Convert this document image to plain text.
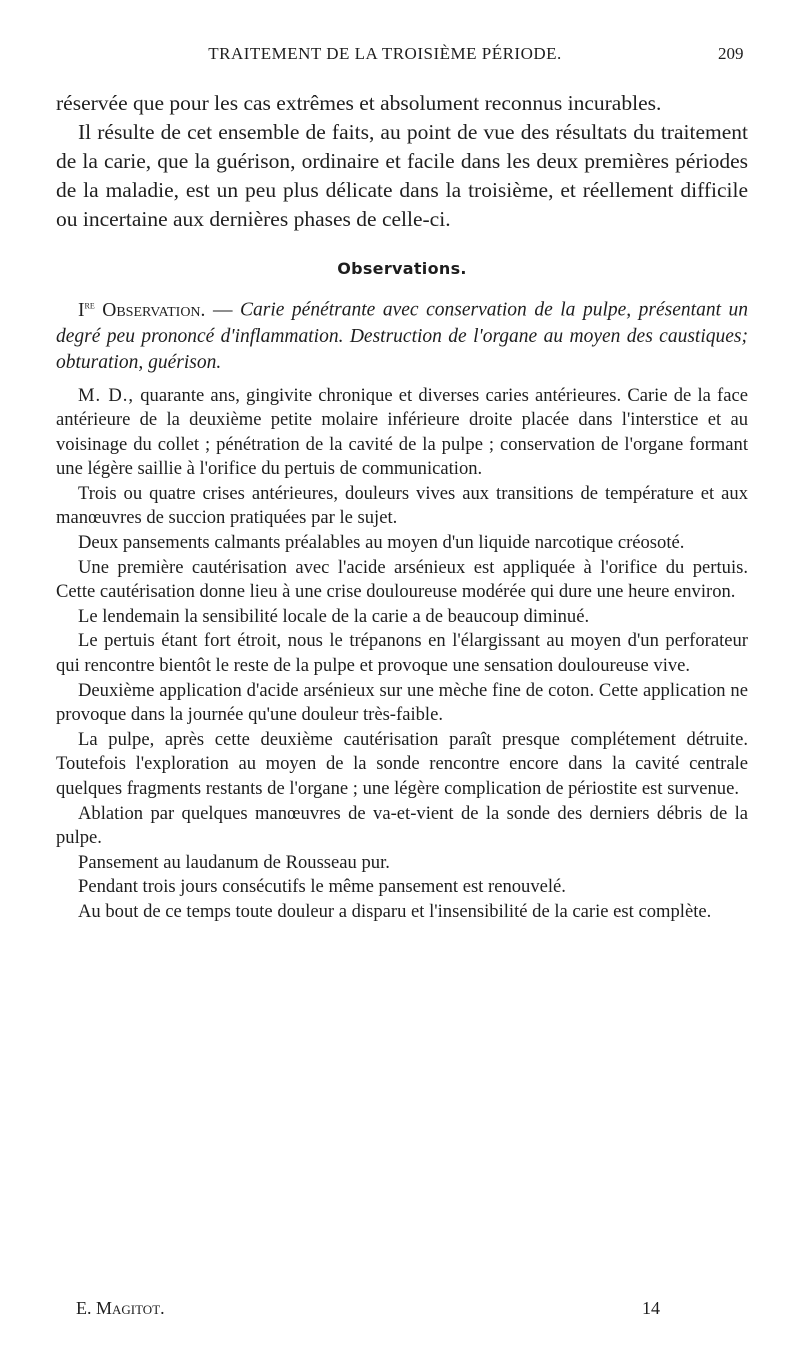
TRAITEMENT DE LA TROISIÈME PÉRIODE.	209

réservée que pour les cas extrêmes et absolument reconnus incurables.

Il résulte de cet ensemble de faits, au point de vue des résultats du traitement de la carie, que la guérison, ordinaire et facile dans les deux premières périodes de la maladie, est un peu plus délicate dans la troisième, et réellement difficile ou incertaine aux dernières phases de celle-ci.

Observations.

Ire Observation. — Carie pénétrante avec conservation de la pulpe, présentant un degré peu prononcé d'inflammation. Destruction de l'organe au moyen des caustiques; obturation, guérison.

M. D., quarante ans, gingivite chronique et diverses caries antérieures. Carie de la face antérieure de la deuxième petite molaire inférieure droite placée dans l'interstice et au voisinage du collet ; pénétration de la cavité de la pulpe ; conservation de l'organe formant une légère saillie à l'orifice du pertuis de communication.

Trois ou quatre crises antérieures, douleurs vives aux transitions de température et aux manœuvres de succion pratiquées par le sujet.

Deux pansements calmants préalables au moyen d'un liquide narcotique créosoté.

Une première cautérisation avec l'acide arsénieux est appliquée à l'orifice du pertuis. Cette cautérisation donne lieu à une crise douloureuse modérée qui dure une heure environ.

Le lendemain la sensibilité locale de la carie a de beaucoup diminué.

Le pertuis étant fort étroit, nous le trépanons en l'élargissant au moyen d'un perforateur qui rencontre bientôt le reste de la pulpe et provoque une sensation douloureuse vive.

Deuxième application d'acide arsénieux sur une mèche fine de coton. Cette application ne provoque dans la journée qu'une douleur très-faible.

La pulpe, après cette deuxième cautérisation paraît presque complétement détruite. Toutefois l'exploration au moyen de la sonde rencontre encore dans la cavité centrale quelques fragments restants de l'organe ; une légère complication de périostite est survenue.

Ablation par quelques manœuvres de va-et-vient de la sonde des derniers débris de la pulpe.

Pansement au laudanum de Rousseau pur.

Pendant trois jours consécutifs le même pansement est renouvelé.

Au bout de ce temps toute douleur a disparu et l'insensibilité de la carie est complète.

E. Magitot.	14
